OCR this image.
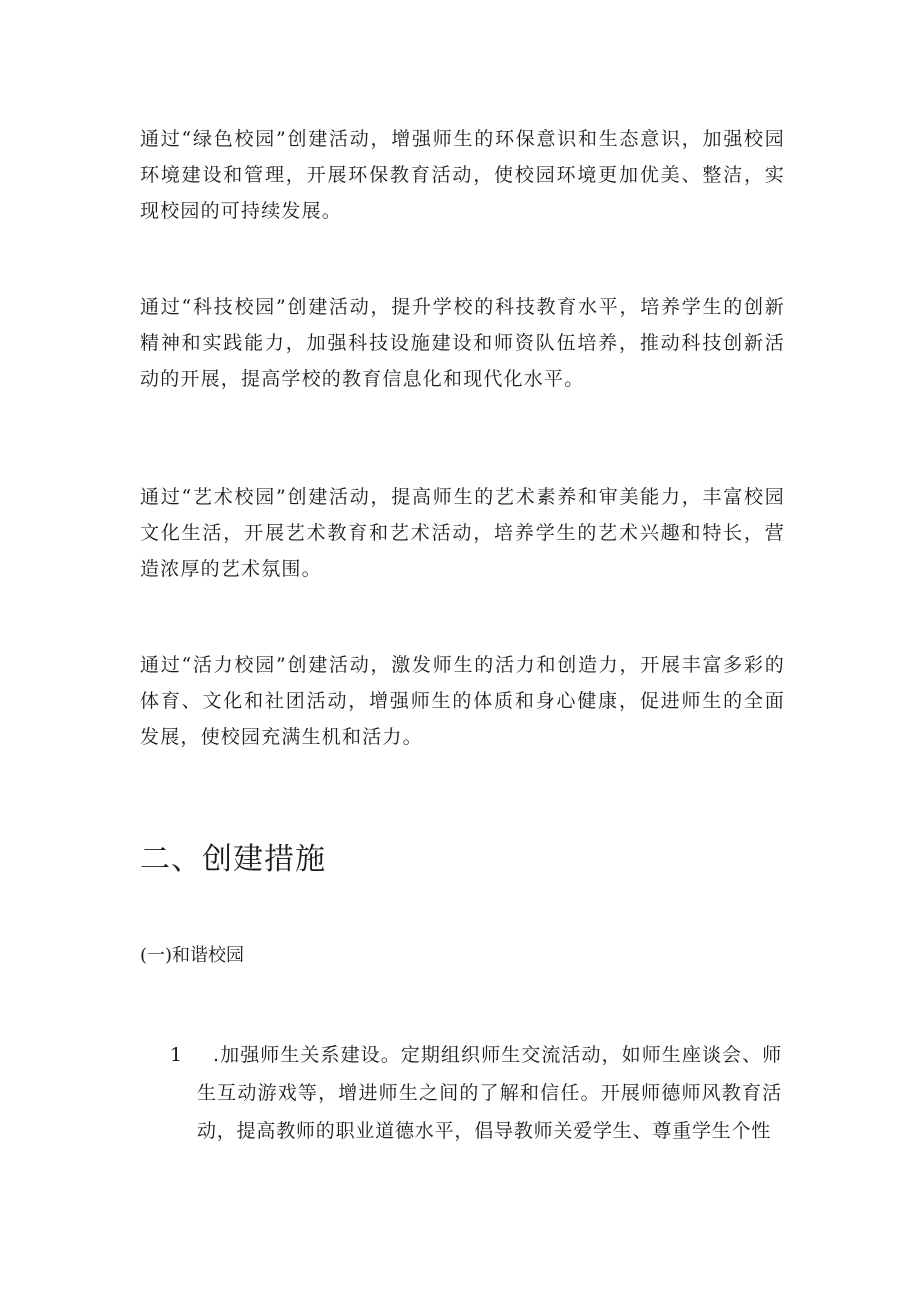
通过“绿色校园”创建活动，增强师生的环保意识和生态意识，加强校园环境建设和管理，开展环保教育活动，使校园环境更加优美、整洁，实现校园的可持续发展。

通过“科技校园”创建活动，提升学校的科技教育水平，培养学生的创新精神和实践能力，加强科技设施建设和师资队伍培养，推动科技创新活动的开展，提高学校的教育信息化和现代化水平。

通过“艺术校园”创建活动，提高师生的艺术素养和审美能力，丰富校园文化生活，开展艺术教育和艺术活动，培养学生的艺术兴趣和特长，营造浓厚的艺术氛围。

通过“活力校园”创建活动，激发师生的活力和创造力，开展丰富多彩的体育、文化和社团活动，增强师生的体质和身心健康，促进师生的全面发展，使校园充满生机和活力。

二、创建措施
(一)和谐校园
1	.加强师生关系建设。定期组织师生交流活动，如师生座谈会、师生互动游戏等，增进师生之间的了解和信任。开展师德师风教育活动，提高教师的职业道德水平，倡导教师关爱学生、尊重学生个性
